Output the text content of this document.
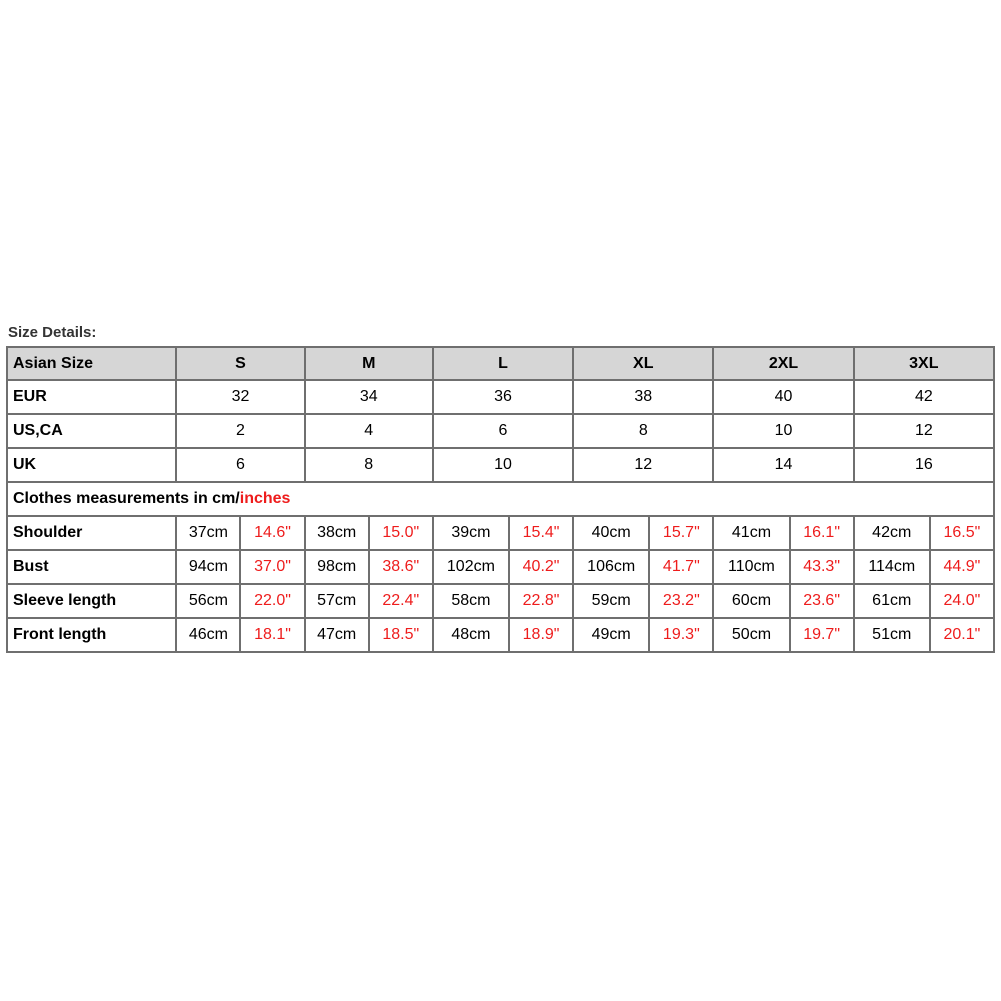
Size Details:
Asian Size	S		M		L		XL		2XL		3XL	
EUR	32		34		36		38		40		42	
US,CA	2		4		6		8		10		12	
UK	6		8		10		12		14		16	
Clothes measurements in cm/inches												
Shoulder	37cm	14.6"	38cm	15.0"	39cm	15.4"	40cm	15.7"	41cm	16.1"	42cm	16.5"
Bust	94cm	37.0"	98cm	38.6"	102cm	40.2"	106cm	41.7"	110cm	43.3"	114cm	44.9"
Sleeve length	56cm	22.0"	57cm	22.4"	58cm	22.8"	59cm	23.2"	60cm	23.6"	61cm	24.0"
Front length	46cm	18.1"	47cm	18.5"	48cm	18.9"	49cm	19.3"	50cm	19.7"	51cm	20.1"
